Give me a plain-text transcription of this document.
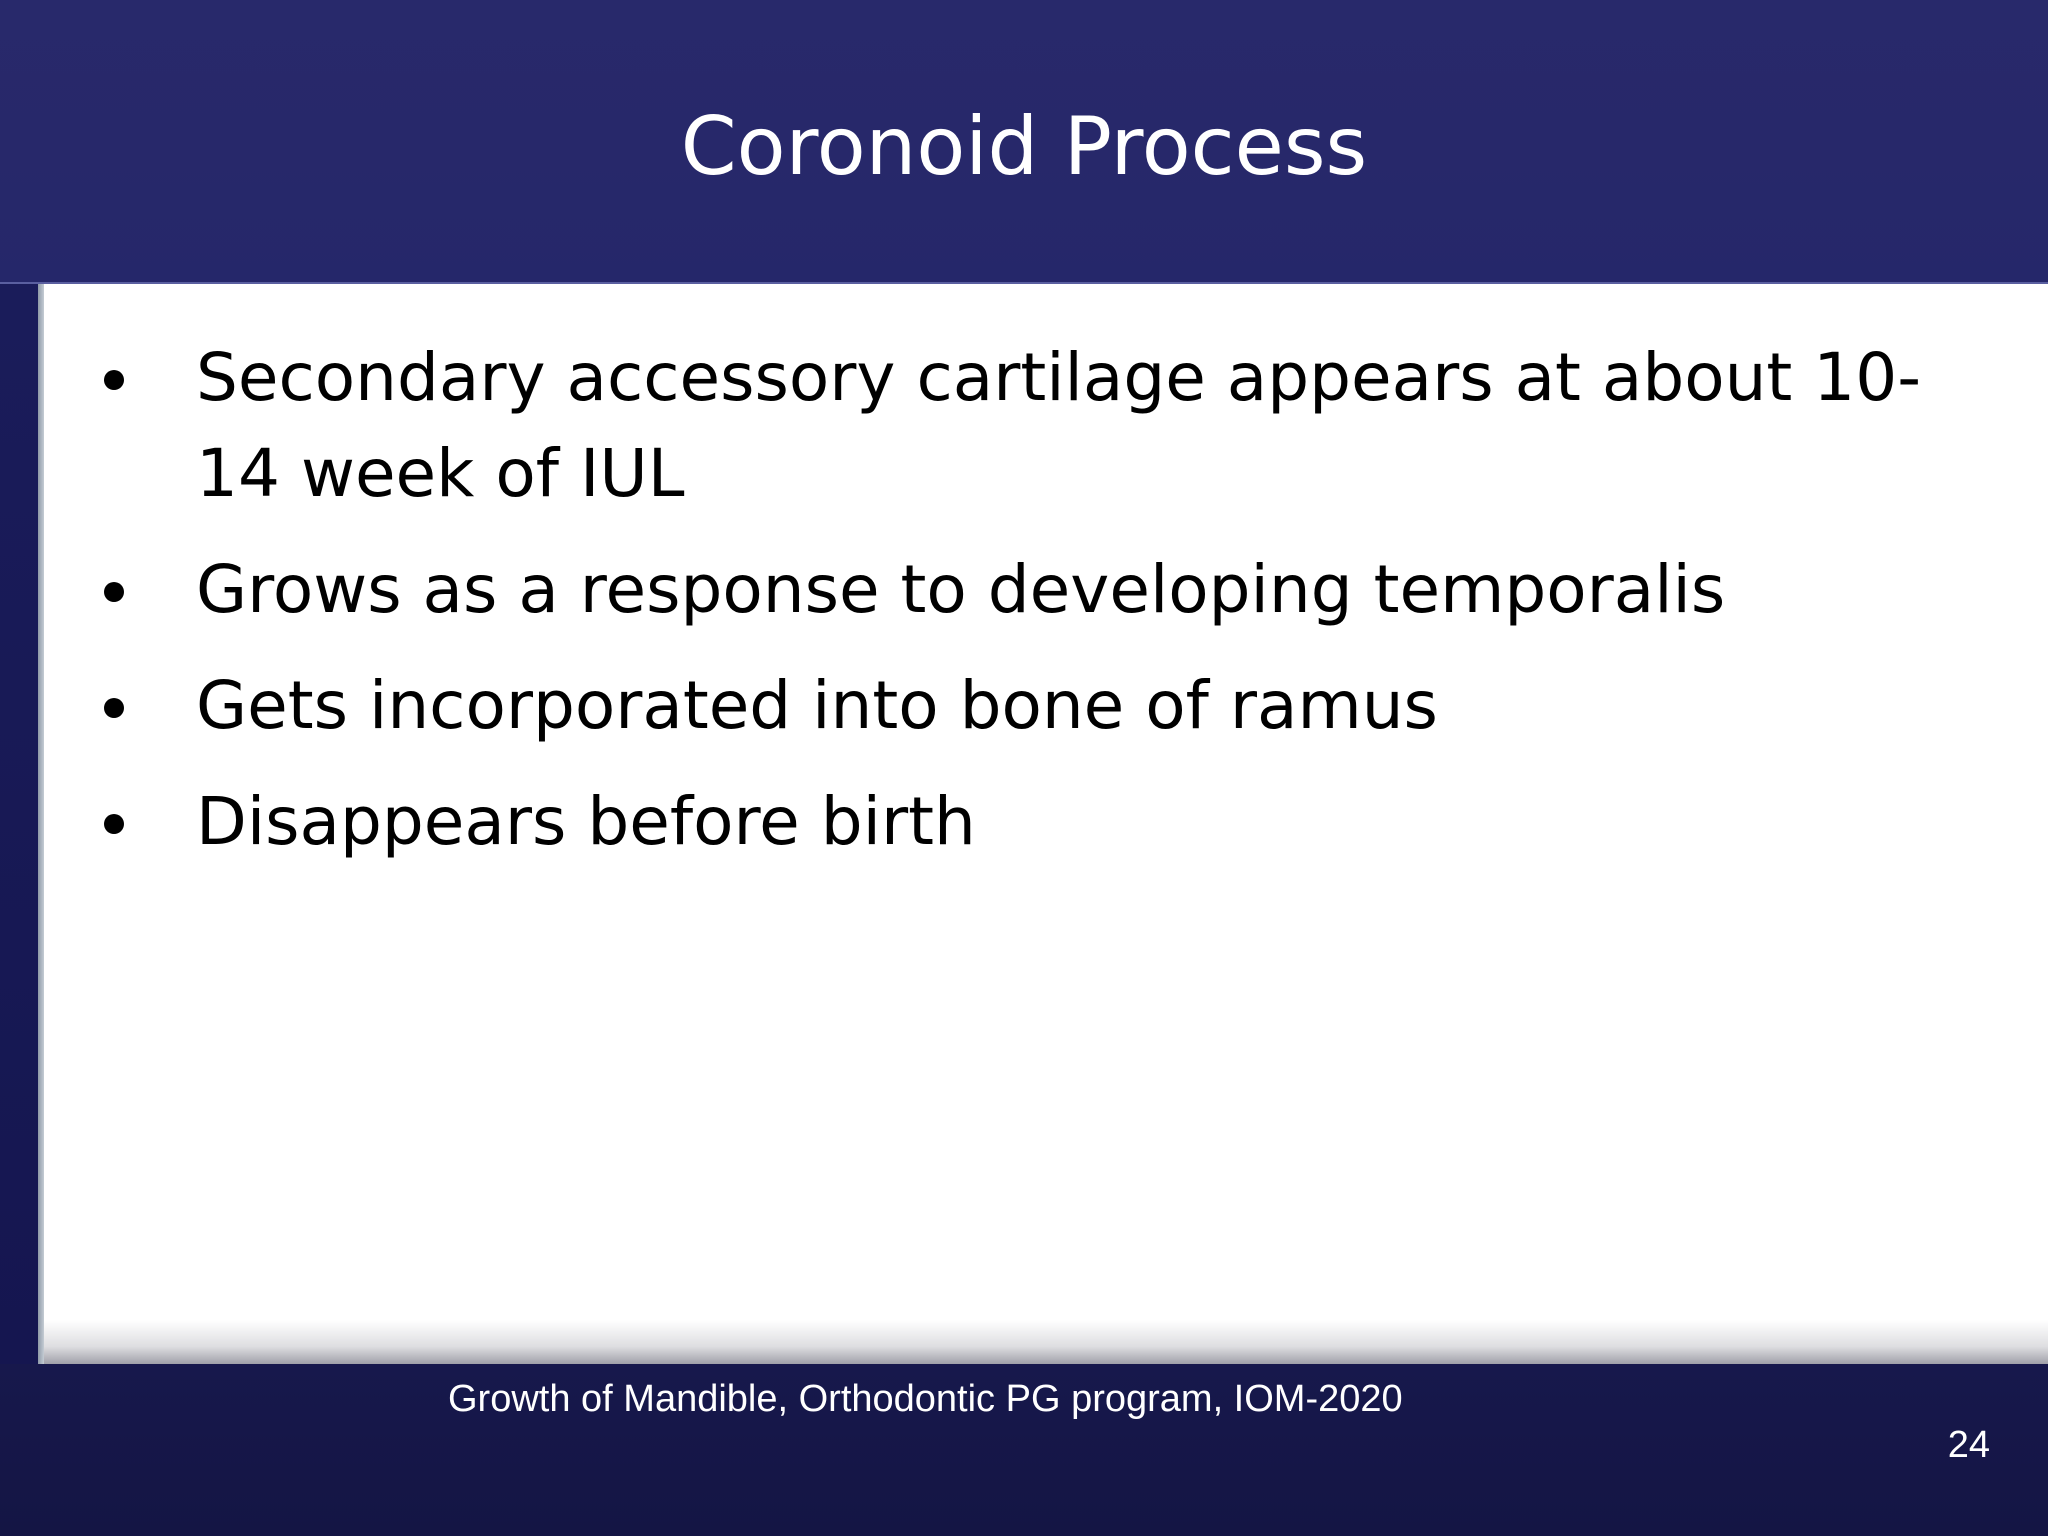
Coronoid Process
Secondary accessory cartilage appears at about 10- 14 week of IUL
Grows as a response to developing temporalis
Gets incorporated into bone of ramus
Disappears before birth
Growth of Mandible, Orthodontic PG program, IOM-2020
24
